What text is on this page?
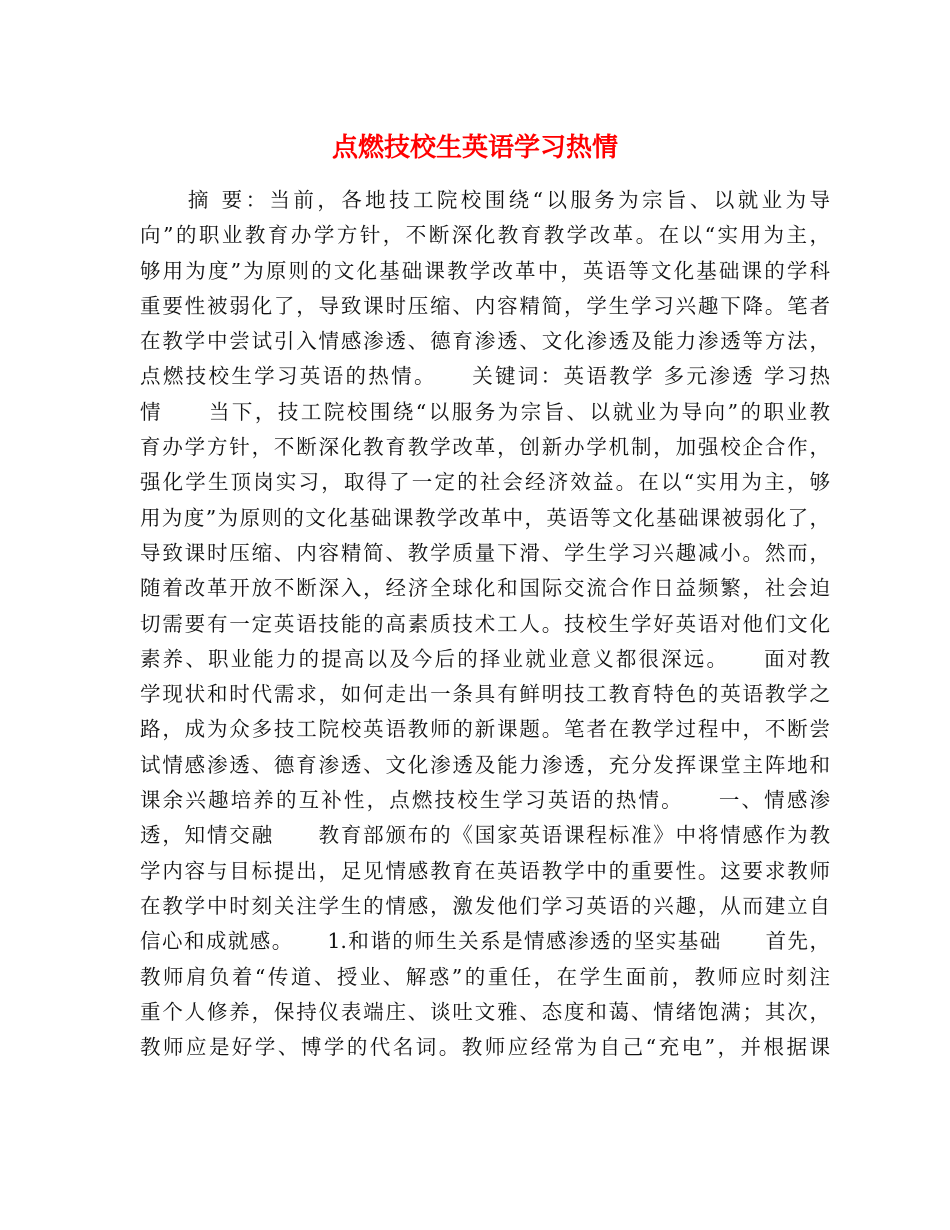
点燃技校生英语学习热情
　　摘 要：当前，各地技工院校围绕“以服务为宗旨、以就业为导
向”的职业教育办学方针，不断深化教育教学改革。在以“实用为主，
够用为度”为原则的文化基础课教学改革中，英语等文化基础课的学科
重要性被弱化了，导致课时压缩、内容精简，学生学习兴趣下降。笔者
在教学中尝试引入情感渗透、德育渗透、文化渗透及能力渗透等方法，
点燃技校生学习英语的热情。　　关键词：英语教学 多元渗透 学习热
情　　当下，技工院校围绕“以服务为宗旨、以就业为导向”的职业教
育办学方针，不断深化教育教学改革，创新办学机制，加强校企合作，
强化学生顶岗实习，取得了一定的社会经济效益。在以“实用为主，够
用为度”为原则的文化基础课教学改革中，英语等文化基础课被弱化了，
导致课时压缩、内容精简、教学质量下滑、学生学习兴趣减小。然而，
随着改革开放不断深入，经济全球化和国际交流合作日益频繁，社会迫
切需要有一定英语技能的高素质技术工人。技校生学好英语对他们文化
素养、职业能力的提高以及今后的择业就业意义都很深远。　　面对教
学现状和时代需求，如何走出一条具有鲜明技工教育特色的英语教学之
路，成为众多技工院校英语教师的新课题。笔者在教学过程中，不断尝
试情感渗透、德育渗透、文化渗透及能力渗透，充分发挥课堂主阵地和
课余兴趣培养的互补性，点燃技校生学习英语的热情。　　一、情感渗
透，知情交融　　教育部颁布的《国家英语课程标准》中将情感作为教
学内容与目标提出，足见情感教育在英语教学中的重要性。这要求教师
在教学中时刻关注学生的情感，激发他们学习英语的兴趣，从而建立自
信心和成就感。　　1.和谐的师生关系是情感渗透的坚实基础　　首先，
教师肩负着“传道、授业、解惑”的重任，在学生面前，教师应时刻注
重个人修养，保持仪表端庄、谈吐文雅、态度和蔼、情绪饱满；其次，
教师应是好学、博学的代名词。教师应经常为自己“充电”，并根据课
